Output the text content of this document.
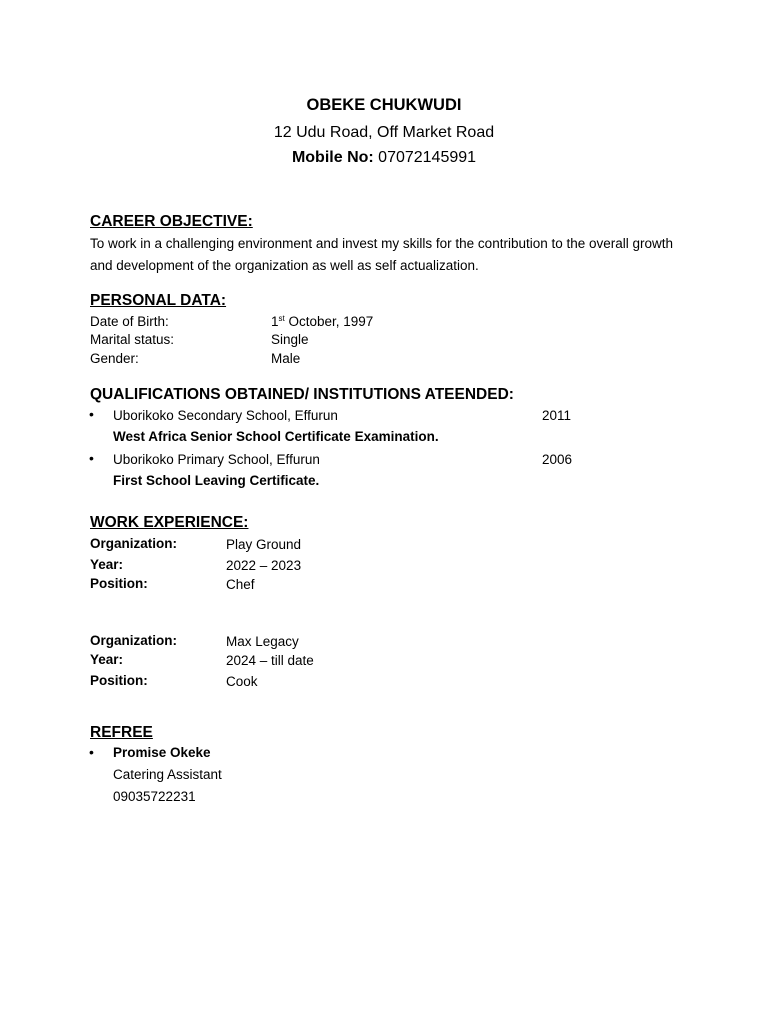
OBEKE CHUKWUDI
12 Udu Road, Off Market Road
Mobile No: 07072145991
CAREER OBJECTIVE:
To work in a challenging environment and invest my skills for the contribution to the overall growth and development of the organization as well as self actualization.
PERSONAL DATA:
Date of Birth:	1st October, 1997
Marital status:	Single
Gender:	Male
QUALIFICATIONS OBTAINED/ INSTITUTIONS ATEENDED:
• Uborikoko Secondary School, Effurun	2011
West Africa Senior School Certificate Examination.
• Uborikoko Primary School, Effurun	2006
First School Leaving Certificate.
WORK EXPERIENCE:
Organization:	Play Ground
Year:	2022 – 2023
Position:	Chef
Organization:	Max Legacy
Year:	2024 – till date
Position:	Cook
REFREE
• Promise Okeke
Catering Assistant
09035722231
